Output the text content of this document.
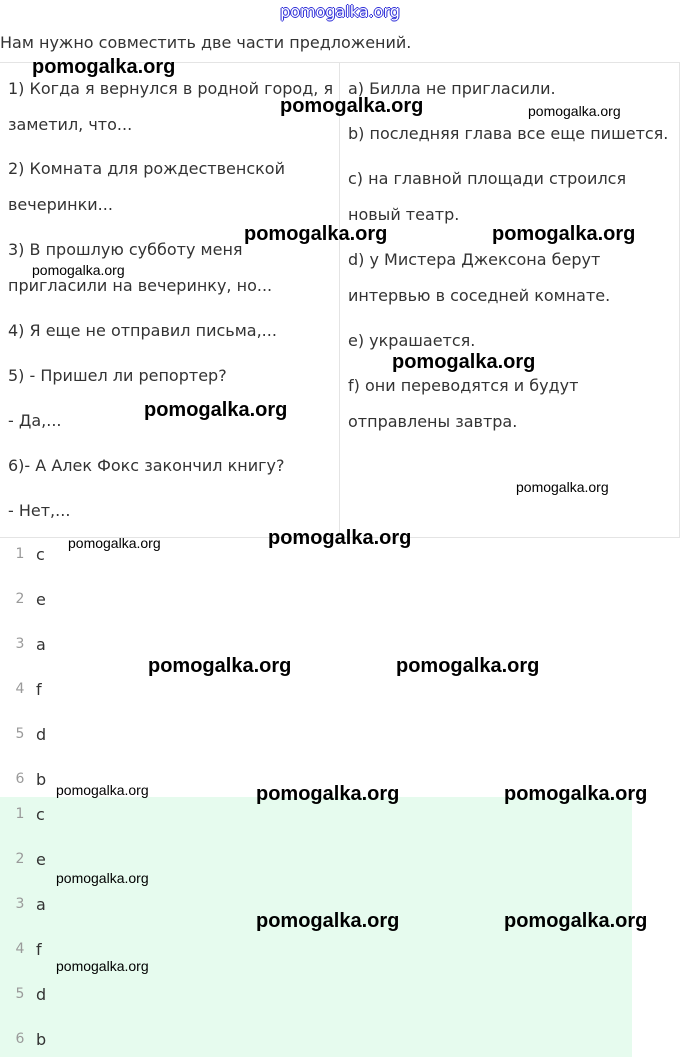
pomogalka.org
Нам нужно совместить две части предложений.
1) Когда я вернулся в родной город, я
заметил, что...
2) Комната для рождественской
вечеринки...
3) В прошлую субботу меня
пригласили на вечеринку, но...
4) Я еще не отправил письма,...
5) - Пришел ли репортер?
- Да,...
6)- А Алек Фокс закончил книгу?
- Нет,...
a) Билла не пригласили.
b) последняя глава все еще пишется.
c) на главной площади строился
новый театр.
d) у Мистера Джексона берут
интервью в соседней комнате.
e) украшается.
f) они переводятся и будут
отправлены завтра.
1 c
2 e
3 a
4 f
5 d
6 b
1 c
2 e
3 a
4 f
5 d
6 b
pomogalka.org
pomogalka.org	pomogalka.org
pomogalka.org	pomogalka.org
pomogalka.org
pomogalka.org
pomogalka.org
pomogalka.org
pomogalka.org	pomogalka.org
pomogalka.org	pomogalka.org
pomogalka.org	pomogalka.org	pomogalka.org
pomogalka.org
pomogalka.org	pomogalka.org
pomogalka.org
